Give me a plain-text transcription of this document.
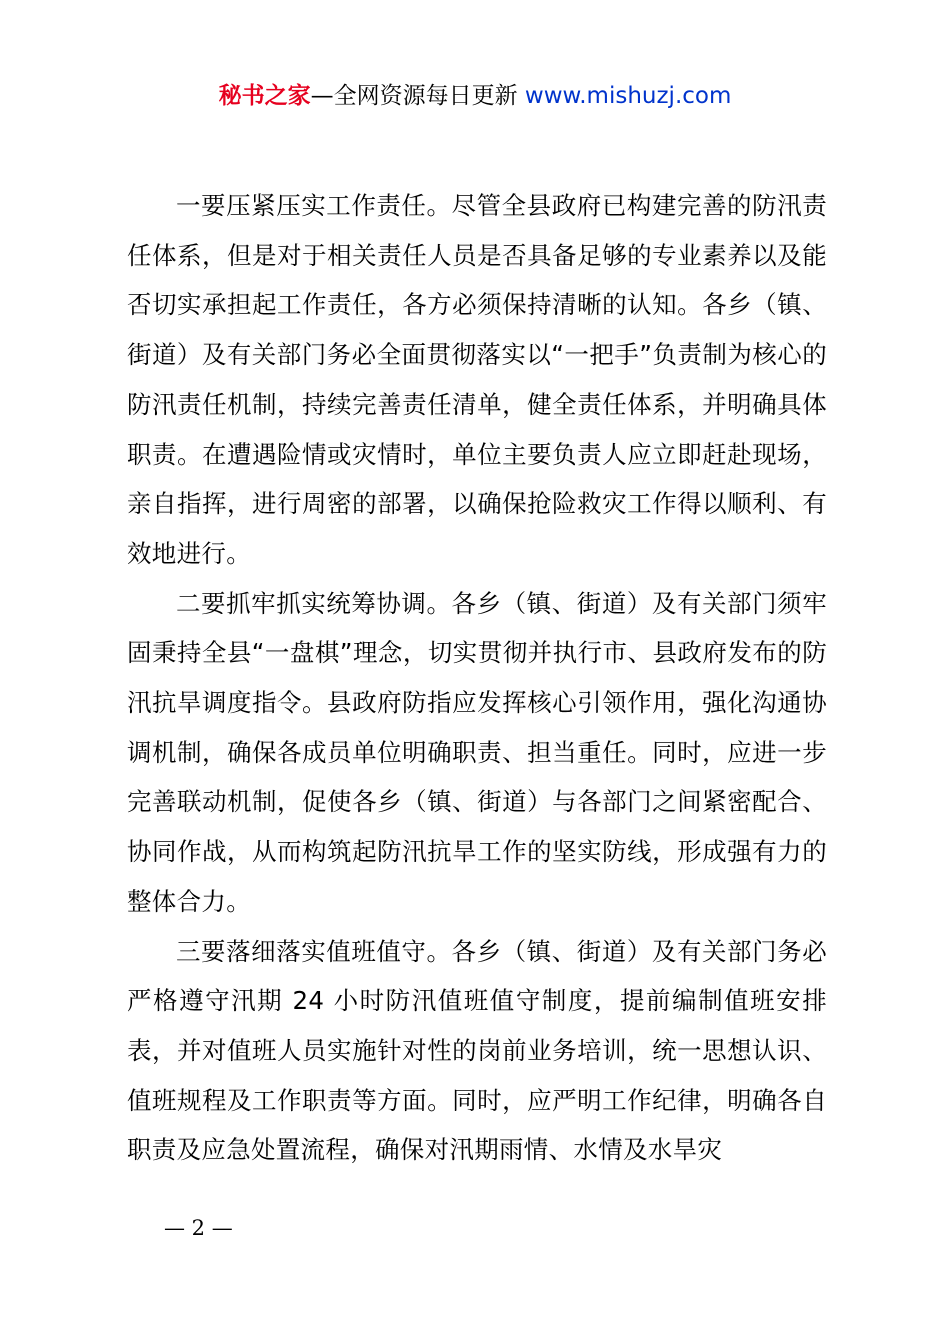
秘书之家—全网资源每日更新 www.mishuzj.com

一要压紧压实工作责任。尽管全县政府已构建完善的防汛责任体系，但是对于相关责任人员是否具备足够的专业素养以及能否切实承担起工作责任，各方必须保持清晰的认知。各乡（镇、街道）及有关部门务必全面贯彻落实以“一把手”负责制为核心的防汛责任机制，持续完善责任清单，健全责任体系，并明确具体职责。在遭遇险情或灾情时，单位主要负责人应立即赶赴现场，亲自指挥，进行周密的部署，以确保抢险救灾工作得以顺利、有效地进行。

二要抓牢抓实统筹协调。各乡（镇、街道）及有关部门须牢固秉持全县“一盘棋”理念，切实贯彻并执行市、县政府发布的防汛抗旱调度指令。县政府防指应发挥核心引领作用，强化沟通协调机制，确保各成员单位明确职责、担当重任。同时，应进一步完善联动机制，促使各乡（镇、街道）与各部门之间紧密配合、协同作战，从而构筑起防汛抗旱工作的坚实防线，形成强有力的整体合力。

三要落细落实值班值守。各乡（镇、街道）及有关部门务必严格遵守汛期 24 小时防汛值班值守制度，提前编制值班安排表，并对值班人员实施针对性的岗前业务培训，统一思想认识、值班规程及工作职责等方面。同时，应严明工作纪律，明确各自职责及应急处置流程，确保对汛期雨情、水情及水旱灾

— 2 —
